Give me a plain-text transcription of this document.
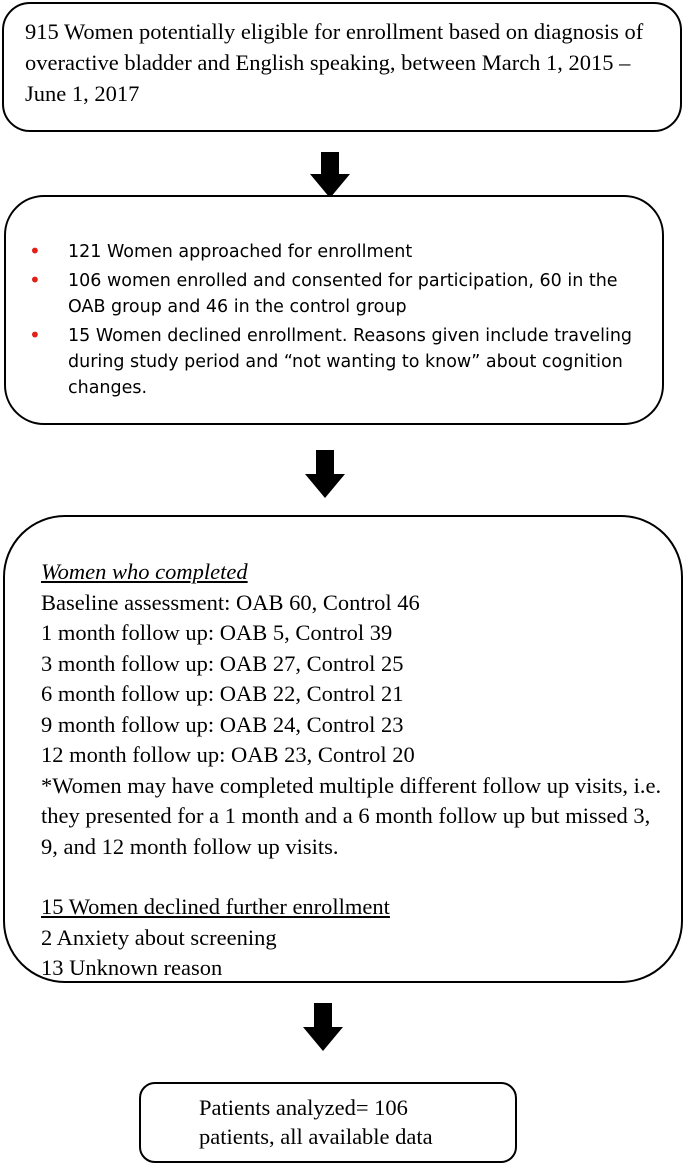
915 Women potentially eligible for enrollment based on diagnosis of overactive bladder and English speaking, between March 1, 2015 – June 1, 2017
• 121 Women approached for enrollment
• 106 women enrolled and consented for participation, 60 in the OAB group and 46 in the control group
• 15 Women declined enrollment. Reasons given include traveling during study period and “not wanting to know” about cognition changes.
Women who completed
Baseline assessment: OAB 60, Control 46
1 month follow up: OAB 5, Control 39
3 month follow up: OAB 27, Control 25
6 month follow up: OAB 22, Control 21
9 month follow up: OAB 24, Control 23
12 month follow up: OAB 23, Control 20
*Women may have completed multiple different follow up visits, i.e. they presented for a 1 month and a 6 month follow up but missed 3, 9, and 12 month follow up visits.
15 Women declined further enrollment
2 Anxiety about screening
13 Unknown reason
Patients analyzed= 106
patients, all available data
